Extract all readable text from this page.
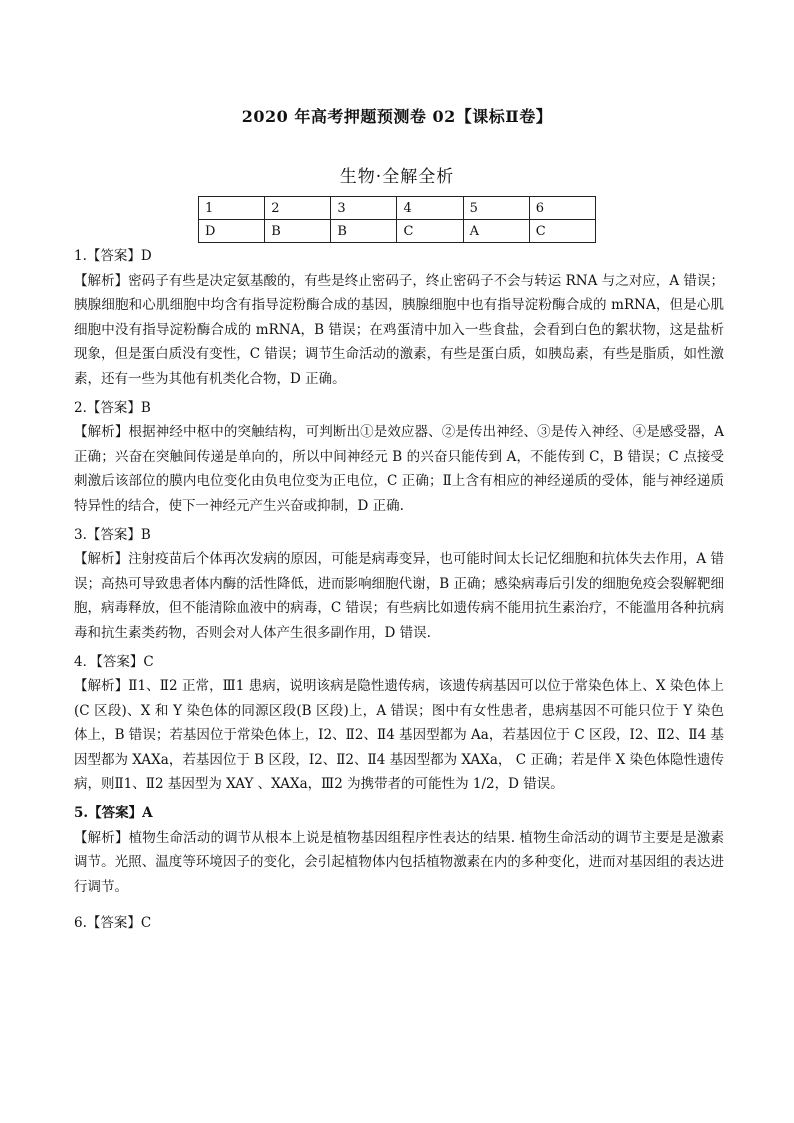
2020 年高考押题预测卷 02【课标Ⅱ卷】
生物·全解全析
1	2	3	4	5	6
D	B	B	C	A	C

1.【答案】D

【解析】密码子有些是决定氨基酸的，有些是终止密码子，终止密码子不会与转运 RNA 与之对应，A 错误；胰腺细胞和心肌细胞中均含有指导淀粉酶合成的基因，胰腺细胞中也有指导淀粉酶合成的 mRNA，但是心肌细胞中没有指导淀粉酶合成的 mRNA，B 错误；在鸡蛋清中加入一些食盐，会看到白色的絮状物，这是盐析现象，但是蛋白质没有变性，C 错误；调节生命活动的激素，有些是蛋白质，如胰岛素，有些是脂质，如性激素，还有一些为其他有机类化合物，D 正确。

2.【答案】B

【解析】根据神经中枢中的突触结构，可判断出①是效应器、②是传出神经、③是传入神经、④是感受器，A 正确；兴奋在突触间传递是单向的，所以中间神经元 B 的兴奋只能传到 A，不能传到 C，B 错误；C 点接受刺激后该部位的膜内电位变化由负电位变为正电位，C 正确；Ⅱ上含有相应的神经递质的受体，能与神经递质特异性的结合，使下一神经元产生兴奋或抑制，D 正确.

3.【答案】B

【解析】注射疫苗后个体再次发病的原因，可能是病毒变异，也可能时间太长记忆细胞和抗体失去作用，A 错误；高热可导致患者体内酶的活性降低，进而影响细胞代谢，B 正确；感染病毒后引发的细胞免疫会裂解靶细胞，病毒释放，但不能清除血液中的病毒，C 错误；有些病比如遗传病不能用抗生素治疗，不能滥用各种抗病毒和抗生素类药物，否则会对人体产生很多副作用，D 错误.

4．【答案】C

【解析】Ⅱ1、Ⅱ2 正常，Ⅲ1 患病，说明该病是隐性遗传病，该遗传病基因可以位于常染色体上、X 染色体上(C 区段)、X 和 Y 染色体的同源区段(B 区段)上，A 错误；图中有女性患者，患病基因不可能只位于 Y 染色体上，B 错误；若基因位于常染色体上，Ⅰ2、Ⅱ2、Ⅱ4 基因型都为 Aa，若基因位于 C 区段，Ⅰ2、Ⅱ2、Ⅱ4 基因型都为 XAXa，若基因位于 B 区段，Ⅰ2、Ⅱ2、Ⅱ4 基因型都为 XAXa， C 正确；若是伴 X 染色体隐性遗传病，则Ⅱ1、Ⅱ2 基因型为 XAY 、XAXa，Ⅲ2 为携带者的可能性为 1/2，D 错误。

5.【答案】A

【解析】植物生命活动的调节从根本上说是植物基因组程序性表达的结果. 植物生命活动的调节主要是是激素调节。光照、温度等环境因子的变化，会引起植物体内包括植物激素在内的多种变化，进而对基因组的表达进行调节。

6.【答案】C
